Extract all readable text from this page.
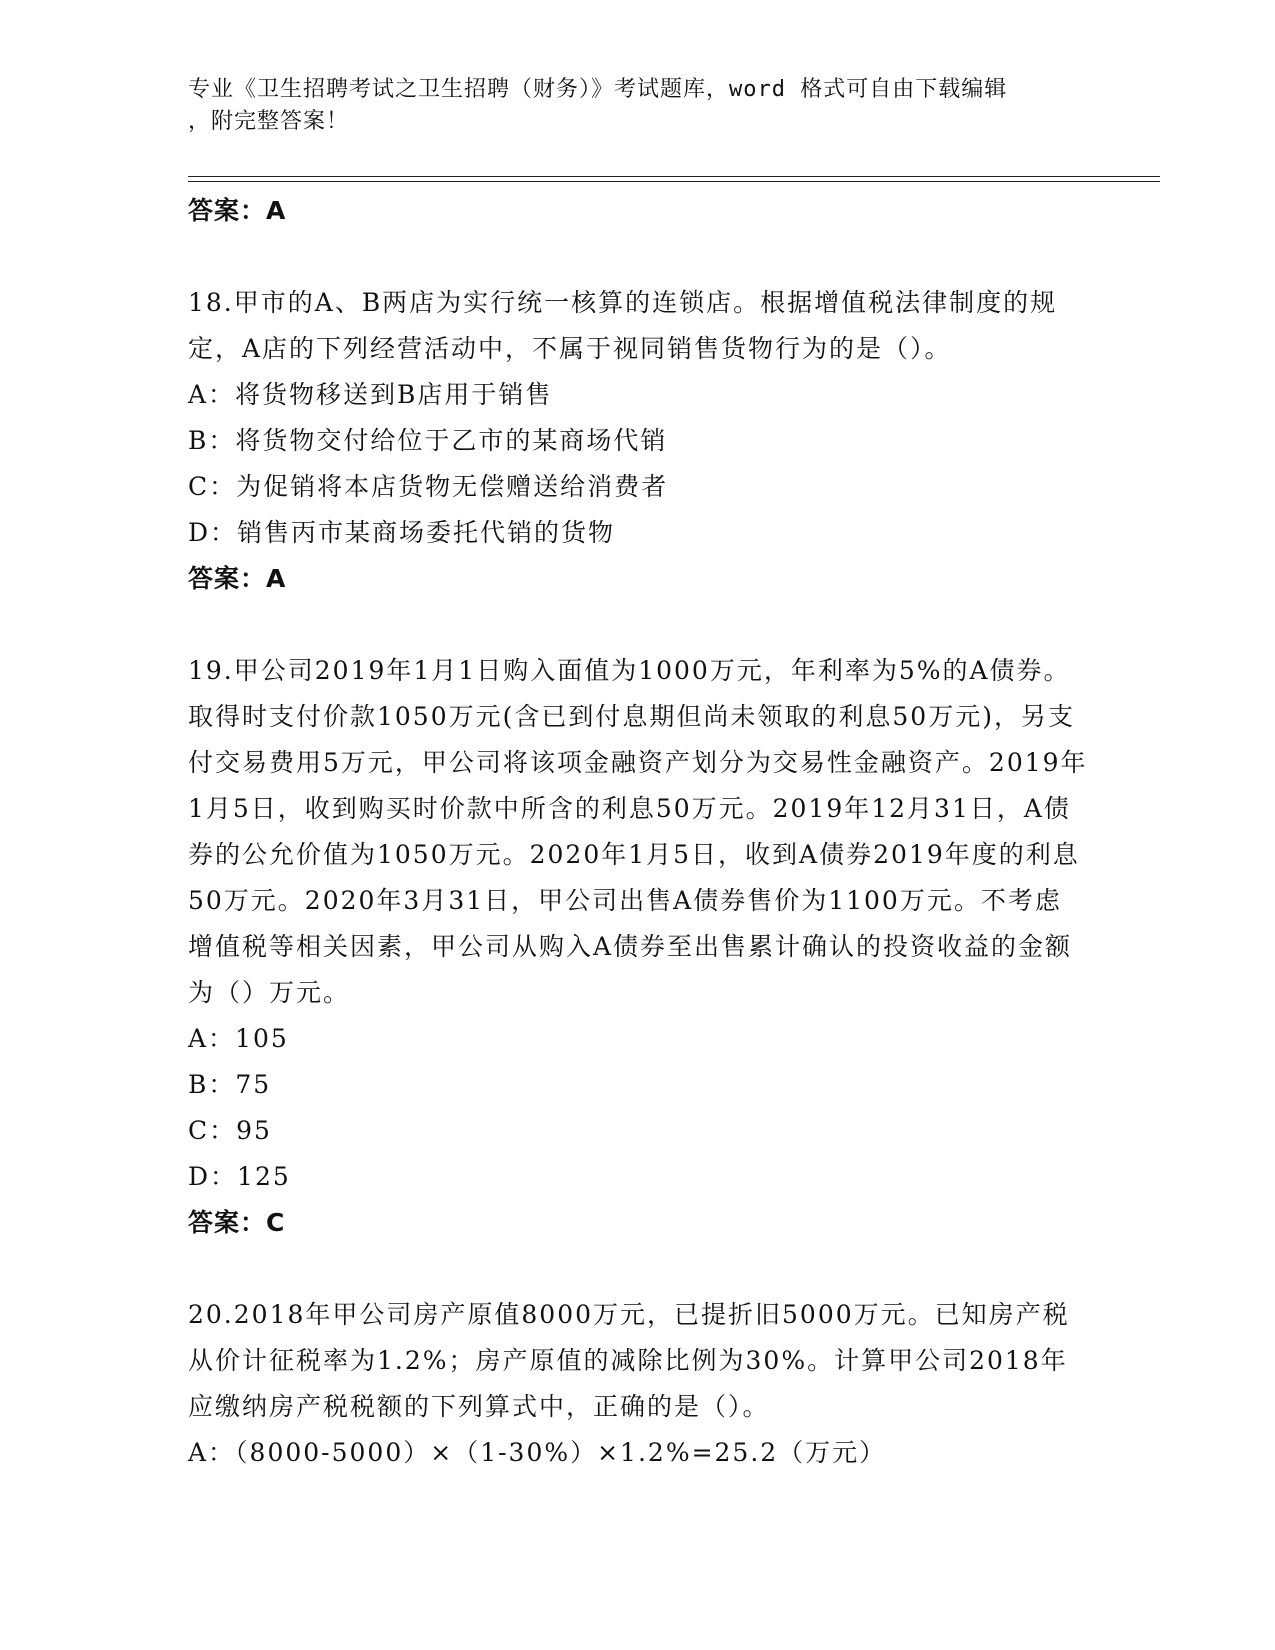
专业《卫生招聘考试之卫生招聘（财务）》考试题库，word 格式可自由下载编辑
，附完整答案！
答案：A
18.甲市的A、B两店为实行统一核算的连锁店。根据增值税法律制度的规定，A店的下列经营活动中，不属于视同销售货物行为的是（）。
A：将货物移送到B店用于销售
B：将货物交付给位于乙市的某商场代销
C：为促销将本店货物无偿赠送给消费者
D：销售丙市某商场委托代销的货物
答案：A
19.甲公司2019年1月1日购入面值为1000万元，年利率为5%的A债券。取得时支付价款1050万元(含已到付息期但尚未领取的利息50万元)，另支付交易费用5万元，甲公司将该项金融资产划分为交易性金融资产。2019年1月5日，收到购买时价款中所含的利息50万元。2019年12月31日，A债券的公允价值为1050万元。2020年1月5日，收到A债券2019年度的利息50万元。2020年3月31日，甲公司出售A债券售价为1100万元。不考虑增值税等相关因素，甲公司从购入A债券至出售累计确认的投资收益的金额为（）万元。
A：105
B：75
C：95
D：125
答案：C
20.2018年甲公司房产原值8000万元，已提折旧5000万元。已知房产税从价计征税率为1.2%；房产原值的减除比例为30%。计算甲公司2018年应缴纳房产税税额的下列算式中，正确的是（）。
A：（8000-5000）×（1-30%）×1.2%=25.2（万元）
